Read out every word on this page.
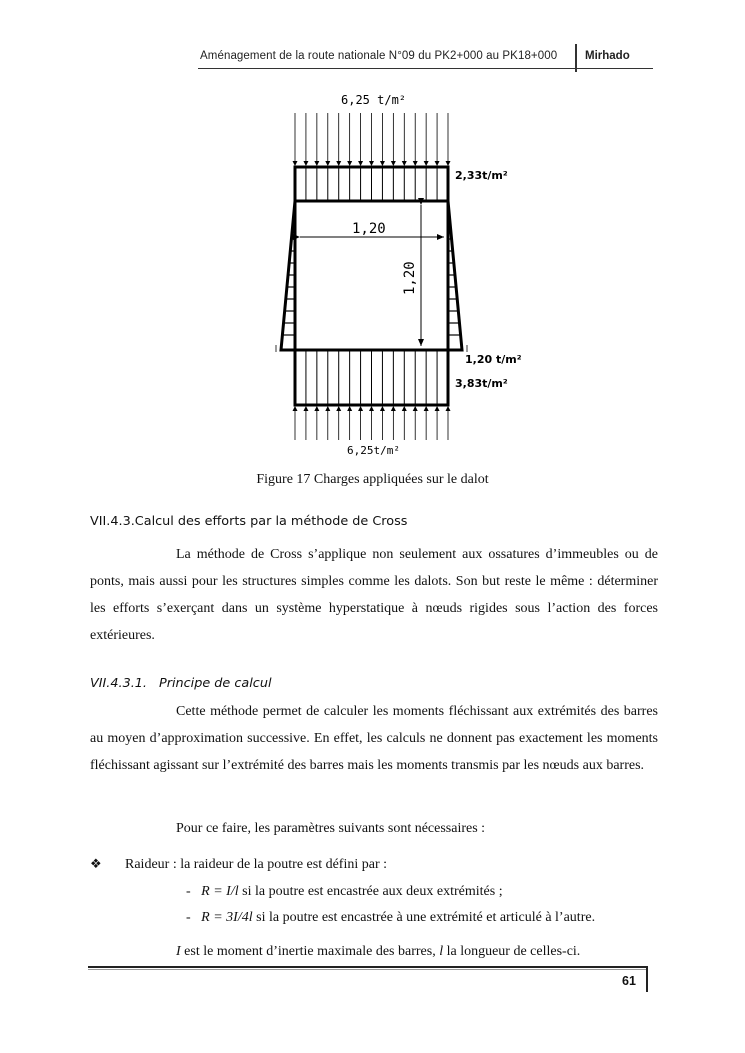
Aménagement de la route nationale N°09 du PK2+000 au PK18+000 Mirhado
6,25 t/m²
2,33t/m²
1,20
1,20
1,20 t/m²
3,83t/m²
6,25t/m²
Figure 17 Charges appliquées sur le dalot
VII.4.3.Calcul des efforts par la méthode de Cross
La méthode de Cross s’applique non seulement aux ossatures d’immeubles ou de ponts, mais aussi pour les structures simples comme les dalots. Son but reste le même : déterminer les efforts s’exerçant dans un système hyperstatique à nœuds rigides sous l’action des forces extérieures.
VII.4.3.1. Principe de calcul
Cette méthode permet de calculer les moments fléchissant aux extrémités des barres au moyen d’approximation successive. En effet, les calculs ne donnent pas exactement les moments fléchissant agissant sur l’extrémité des barres mais les moments transmis par les nœuds aux barres.
Pour ce faire, les paramètres suivants sont nécessaires :
❖ Raideur : la raideur de la poutre est défini par :
- R = I/l si la poutre est encastrée aux deux extrémités ;
- R = 3I/4l si la poutre est encastrée à une extrémité et articulé à l’autre.
I est le moment d’inertie maximale des barres, l la longueur de celles-ci.
61
